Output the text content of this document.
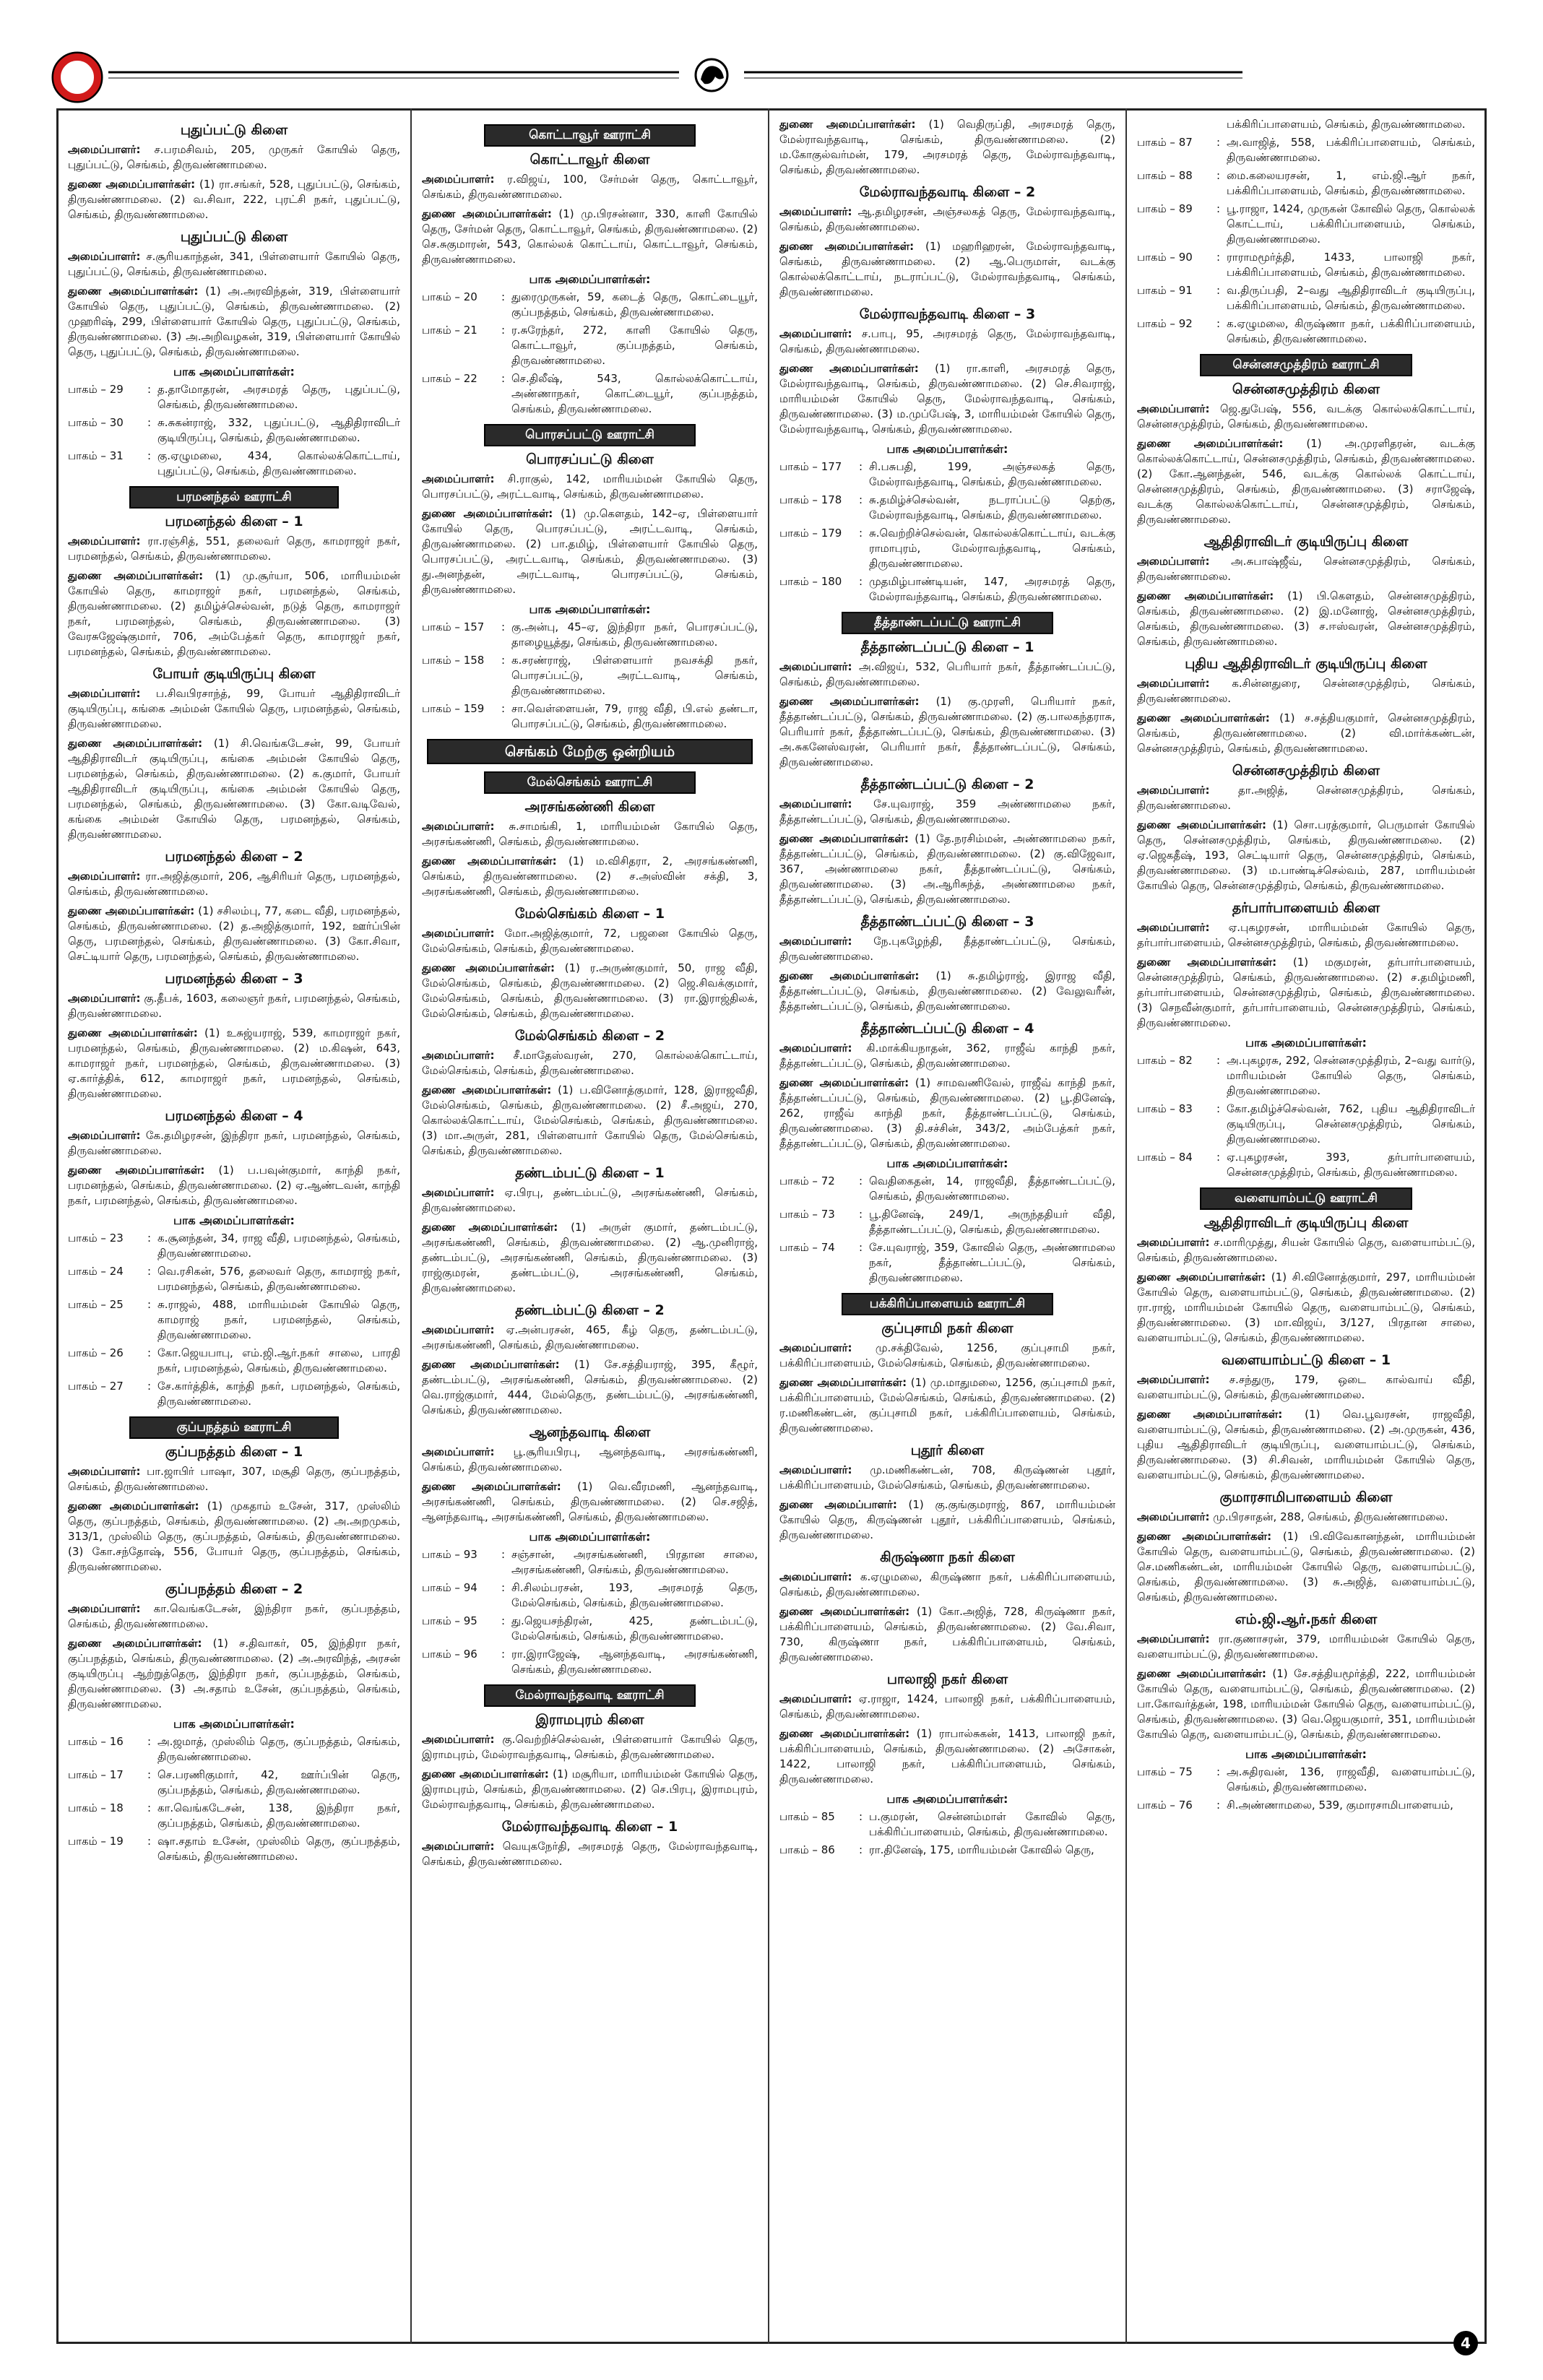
புதுப்பட்டு கிளை
அமைப்பாளர்: ச.பரமசிவம், 205, முருகர் கோயில் தெரு, புதுப்பட்டு, செங்கம், திருவண்ணாமலை.
துணை அமைப்பாளர்கள்: (1) ரா.சங்கர், 528, புதுப்பட்டு, செங்கம், திருவண்ணாமலை. (2) வ.சிவா, 222, புரட்சி நகர், புதுப்பட்டு, செங்கம், திருவண்ணாமலை.
புதுப்பட்டு கிளை
அமைப்பாளர்: ச.சூரியகாந்தன், 341, பிள்ளையார் கோயில் தெரு, புதுப்பட்டு, செங்கம், திருவண்ணாமலை.
துணை அமைப்பாளர்கள்: (1) அ.அரவிந்தன், 319, பிள்ளையார் கோயில் தெரு, புதுப்பட்டு, செங்கம், திருவண்ணாமலை. (2) முஹரிஷ், 299, பிள்ளையார் கோயில் தெரு, புதுப்பட்டு, செங்கம், திருவண்ணாமலை. (3) அ.அறிவழகன், 319, பிள்ளையார் கோயில் தெரு, புதுப்பட்டு, செங்கம், திருவண்ணாமலை.
பாக அமைப்பாளர்கள்:
பாகம் – 29	: த.தாமோதரன், அரசமரத் தெரு, புதுப்பட்டு, செங்கம், திருவண்ணாமலை.
பாகம் – 30	: சு.சுகன்ராஜ், 332, புதுப்பட்டு, ஆதிதிராவிடர் குடியிருப்பு, செங்கம், திருவண்ணாமலை.
பாகம் – 31	: கு.ஏழுமலை, 434, கொல்லக்கொட்டாய், புதுப்பட்டு, செங்கம், திருவண்ணாமலை.
பரமனந்தல் ஊராட்சி
பரமனந்தல் கிளை – 1
அமைப்பாளர்: ரா.ரஞ்சித், 551, தலைவர் தெரு, காமராஜர் நகர், பரமனந்தல், செங்கம், திருவண்ணாமலை.
துணை அமைப்பாளர்கள்: (1) மு.சூர்யா, 506, மாரியம்மன் கோயில் தெரு, காமராஜர் நகர், பரமனந்தல், செங்கம், திருவண்ணாமலை. (2) தமிழ்ச்செல்வன், நடுத் தெரு, காமராஜர் நகர், பரமனந்தல், செங்கம், திருவண்ணாமலை. (3) வேரசுஜேஷ்குமார், 706, அம்பேத்கர் தெரு, காமராஜர் நகர், பரமனந்தல், செங்கம், திருவண்ணாமலை.
போயர் குடியிருப்பு கிளை
அமைப்பாளர்: ப.சிவபிரசாந்த், 99, போயர் ஆதிதிராவிடர் குடியிருப்பு, கங்கை அம்மன் கோயில் தெரு, பரமனந்தல், செங்கம், திருவண்ணாமலை.
துணை அமைப்பாளர்கள்: (1) சி.வெங்கடேசன், 99, போயர் ஆதிதிராவிடர் குடியிருப்பு, கங்கை அம்மன் கோயில் தெரு, பரமனந்தல், செங்கம், திருவண்ணாமலை. (2) க.குமார், போயர் ஆதிதிராவிடர் குடியிருப்பு, கங்கை அம்மன் கோயில் தெரு, பரமனந்தல், செங்கம், திருவண்ணாமலை. (3) கோ.வடிவேல், கங்கை அம்மன் கோயில் தெரு, பரமனந்தல், செங்கம், திருவண்ணாமலை.
பரமனந்தல் கிளை – 2
அமைப்பாளர்: ரா.அஜித்குமார், 206, ஆசிரியர் தெரு, பரமனந்தல், செங்கம், திருவண்ணாமலை.
துணை அமைப்பாளர்கள்: (1) சசிலம்பு, 77, கடை வீதி, பரமனந்தல், செங்கம், திருவண்ணாமலை. (2) த.அஜித்குமார், 192, ஊர்ப்பின் தெரு, பரமனந்தல், செங்கம், திருவண்ணாமலை. (3) கோ.சிவா, செட்டியார் தெரு, பரமனந்தல், செங்கம், திருவண்ணாமலை.
பரமனந்தல் கிளை – 3
அமைப்பாளர்: கு.தீபக், 1603, கலைஞர் நகர், பரமனந்தல், செங்கம், திருவண்ணாமலை.
துணை அமைப்பாளர்கள்: (1) உசுஜ்யராஜ், 539, காமராஜர் நகர், பரமனந்தல், செங்கம், திருவண்ணாமலை. (2) ம.கிஷன், 643, காமராஜர் நகர், பரமனந்தல், செங்கம், திருவண்ணாமலை. (3) ஏ.கார்த்திக், 612, காமராஜர் நகர், பரமனந்தல், செங்கம், திருவண்ணாமலை.
பரமனந்தல் கிளை – 4
அமைப்பாளர்: கே.தமிழரசன், இந்திரா நகர், பரமனந்தல், செங்கம், திருவண்ணாமலை.
துணை அமைப்பாளர்கள்: (1) ப.பவுன்குமார், காந்தி நகர், பரமனந்தல், செங்கம், திருவண்ணாமலை. (2) ஏ.ஆண்டவன், காந்தி நகர், பரமனந்தல், செங்கம், திருவண்ணாமலை.
பாக அமைப்பாளர்கள்:
பாகம் – 23	: க.சூனந்தன், 34, ராஜ வீதி, பரமனந்தல், செங்கம், திருவண்ணாமலை.
பாகம் – 24	: வெ.ரசிகன், 576, தலைவர் தெரு, காமராஜ் நகர், பரமனந்தல், செங்கம், திருவண்ணாமலை.
பாகம் – 25	: சு.ராஜல், 488, மாரியம்மன் கோயில் தெரு, காமராஜ் நகர், பரமனந்தல், செங்கம், திருவண்ணாமலை.
பாகம் – 26	: கோ.ஜெயபாபு, எம்.ஜி.ஆர்.நகர் சாலை, பாரதி நகர், பரமனந்தல், செங்கம், திருவண்ணாமலை.
பாகம் – 27	: சே.கார்த்திக், காந்தி நகர், பரமனந்தல், செங்கம், திருவண்ணாமலை.
குப்பநத்தம் ஊராட்சி
குப்பநத்தம் கிளை – 1
அமைப்பாளர்: பா.ஜாபிர் பாஷா, 307, மசூதி தெரு, குப்பநத்தம், செங்கம், திருவண்ணாமலை.
துணை அமைப்பாளர்கள்: (1) முகதாம் உசேன், 317, முஸ்லிம் தெரு, குப்பநத்தம், செங்கம், திருவண்ணாமலை. (2) அ.அறமுகம், 313/1, முஸ்லிம் தெரு, குப்பநத்தம், செங்கம், திருவண்ணாமலை. (3) கோ.சந்தோஷ், 556, போயர் தெரு, குப்பநத்தம், செங்கம், திருவண்ணாமலை.
குப்பநத்தம் கிளை – 2
அமைப்பாளர்: கா.வெங்கடேசன், இந்திரா நகர், குப்பநத்தம், செங்கம், திருவண்ணாமலை.
துணை அமைப்பாளர்கள்: (1) ச.திவாகர், 05, இந்திரா நகர், குப்பநத்தம், செங்கம், திருவண்ணாமலை. (2) அ.அரவிந்த், அரசன் குடியிருப்பு ஆற்றுத்தெரு, இந்திரா நகர், குப்பநத்தம், செங்கம், திருவண்ணாமலை. (3) அ.சதாம் உசேன், குப்பநத்தம், செங்கம், திருவண்ணாமலை.
பாக அமைப்பாளர்கள்:
பாகம் – 16	: அ.ஜமாத், முஸ்லிம் தெரு, குப்பநத்தம், செங்கம், திருவண்ணாமலை.
பாகம் – 17	: செ.பரணிகுமார், 42, ஊர்ப்பின் தெரு, குப்பநத்தம், செங்கம், திருவண்ணாமலை.
பாகம் – 18	: கா.வெங்கடேசன், 138, இந்திரா நகர், குப்பநத்தம், செங்கம், திருவண்ணாமலை.
பாகம் – 19	: ஷா.சதாம் உசேன், முஸ்லிம் தெரு, குப்பநத்தம், செங்கம், திருவண்ணாமலை.
கொட்டாவூர் ஊராட்சி
கொட்டாவூர் கிளை
அமைப்பாளர்: ர.விஜய், 100, சேர்மன் தெரு, கொட்டாவூர், செங்கம், திருவண்ணாமலை.
துணை அமைப்பாளர்கள்: (1) மு.பிரசன்னா, 330, காளி கோயில் தெரு, சேர்மன் தெரு, கொட்டாவூர், செங்கம், திருவண்ணாமலை. (2) செ.சுகுமாரன், 543, கொல்லக் கொட்டாய், கொட்டாவூர், செங்கம், திருவண்ணாமலை.
பாக அமைப்பாளர்கள்:
பாகம் – 20	: துரைமுருகன், 59, கடைத் தெரு, கொட்டையூர், குப்பநத்தம், செங்கம், திருவண்ணாமலை.
பாகம் – 21	: ர.சுரேந்தர், 272, காளி கோயில் தெரு, கொட்டாவூர், குப்பநத்தம், செங்கம், திருவண்ணாமலை.
பாகம் – 22	: செ.திலீஷ், 543, கொல்லக்கொட்டாய், அண்ணாநகர், கொட்டையூர், குப்பநத்தம், செங்கம், திருவண்ணாமலை.
பொரசப்பட்டு ஊராட்சி
பொரசப்பட்டு கிளை
அமைப்பாளர்: சி.ராகுல், 142, மாரியம்மன் கோயில் தெரு, பொரசப்பட்டு, அரட்டவாடி, செங்கம், திருவண்ணாமலை.
துணை அமைப்பாளர்கள்: (1) மு.கௌதம், 142–ஏ, பிள்ளையார் கோயில் தெரு, பொரசப்பட்டு, அரட்டவாடி, செங்கம், திருவண்ணாமலை. (2) பா.தமிழ், பிள்ளையார் கோயில் தெரு, பொரசப்பட்டு, அரட்டவாடி, செங்கம், திருவண்ணாமலை. (3) து.அனந்தன், அரட்டவாடி, பொரசப்பட்டு, செங்கம், திருவண்ணாமலை.
பாக அமைப்பாளர்கள்:
பாகம் – 157	: கு.அன்பு, 45–ஏ, இந்திரா நகர், பொரசப்பட்டு, தாழையூத்து, செங்கம், திருவண்ணாமலை.
பாகம் – 158	: க.சரண்ராஜ், பிள்ளையார் நவசக்தி நகர், பொரசப்பட்டு, அரட்டவாடி, செங்கம், திருவண்ணாமலை.
பாகம் – 159	: சா.வெள்ளையன், 79, ராஜ வீதி, பி.எல் தண்டா, பொரசப்பட்டு, செங்கம், திருவண்ணாமலை.
செங்கம் மேற்கு ஒன்றியம்
மேல்செங்கம் ஊராட்சி
அரசங்கண்ணி கிளை
அமைப்பாளர்: சு.சாமங்கி, 1, மாரியம்மன் கோயில் தெரு, அரசங்கண்ணி, செங்கம், திருவண்ணாமலை.
துணை அமைப்பாளர்கள்: (1) ம.விசிதரா, 2, அரசங்கண்ணி, செங்கம், திருவண்ணாமலை. (2) ச.அஸ்வின் சக்தி, 3, அரசங்கண்ணி, செங்கம், திருவண்ணாமலை.
மேல்செங்கம் கிளை – 1
அமைப்பாளர்: மோ.அஜித்குமார், 72, பஜனை கோயில் தெரு, மேல்செங்கம், செங்கம், திருவண்ணாமலை.
துணை அமைப்பாளர்கள்: (1) ர.அருண்குமார், 50, ராஜ வீதி, மேல்செங்கம், செங்கம், திருவண்ணாமலை. (2) ஜெ.சிவக்குமார், மேல்செங்கம், செங்கம், திருவண்ணாமலை. (3) ரா.இராஜ்திலக், மேல்செங்கம், செங்கம், திருவண்ணாமலை.
மேல்செங்கம் கிளை – 2
அமைப்பாளர்: சீ.மாதேஸ்வரன், 270, கொல்லக்கொட்டாய், மேல்செங்கம், செங்கம், திருவண்ணாமலை.
துணை அமைப்பாளர்கள்: (1) ப.வினோத்குமார், 128, இராஜவீதி, மேல்செங்கம், செங்கம், திருவண்ணாமலை. (2) சீ.அஜய், 270, கொல்லக்கொட்டாய், மேல்செங்கம், செங்கம், திருவண்ணாமலை. (3) மா.அருள், 281, பிள்ளையார் கோயில் தெரு, மேல்செங்கம், செங்கம், திருவண்ணாமலை.
தண்டம்பட்டு கிளை – 1
அமைப்பாளர்: ஏ.பிரபு, தண்டம்பட்டு, அரசங்கண்ணி, செங்கம், திருவண்ணாமலை.
துணை அமைப்பாளர்கள்: (1) அருள் குமார், தண்டம்பட்டு, அரசங்கண்ணி, செங்கம், திருவண்ணாமலை. (2) ஆ.முனிராஜ், தண்டம்பட்டு, அரசங்கண்ணி, செங்கம், திருவண்ணாமலை. (3) ராஜ்குமரன், தண்டம்பட்டு, அரசங்கண்ணி, செங்கம், திருவண்ணாமலை.
தண்டம்பட்டு கிளை – 2
அமைப்பாளர்: ஏ.அன்பரசன், 465, கீழ் தெரு, தண்டம்பட்டு, அரசங்கண்ணி, செங்கம், திருவண்ணாமலை.
துணை அமைப்பாளர்கள்: (1) சே.சத்தியராஜ், 395, கீழூர், தண்டம்பட்டு, அரசங்கண்ணி, செங்கம், திருவண்ணாமலை. (2) வெ.ராஜ்குமார், 444, மேல்தெரு, தண்டம்பட்டு, அரசங்கண்ணி, செங்கம், திருவண்ணாமலை.
ஆனந்தவாடி கிளை
அமைப்பாளர்: பூ.சூரியபிரபு, ஆனந்தவாடி, அரசங்கண்ணி, செங்கம், திருவண்ணாமலை.
துணை அமைப்பாளர்கள்: (1) வெ.வீரமணி, ஆனந்தவாடி, அரசங்கண்ணி, செங்கம், திருவண்ணாமலை. (2) செ.சஜித், ஆனந்தவாடி, அரசங்கண்ணி, செங்கம், திருவண்ணாமலை.
பாக அமைப்பாளர்கள்:
பாகம் – 93	: சஞ்சான், அரசங்கண்ணி, பிரதான சாலை, அரசங்கண்ணி, செங்கம், திருவண்ணாமலை.
பாகம் – 94	: சி.சிலம்பரசன், 193, அரசமரத் தெரு, மேல்செங்கம், செங்கம், திருவண்ணாமலை.
பாகம் – 95	: து.ஜெயசந்திரன், 425, தண்டம்பட்டு, மேல்செங்கம், செங்கம், திருவண்ணாமலை.
பாகம் – 96	: ரா.இராஜேஷ், ஆனந்தவாடி, அரசங்கண்ணி, செங்கம், திருவண்ணாமலை.
மேல்ராவந்தவாடி ஊராட்சி
இராமபுரம் கிளை
அமைப்பாளர்: கு.வெற்றிச்செல்வன், பிள்ளையார் கோயில் தெரு, இராமபுரம், மேல்ராவந்தவாடி, செங்கம், திருவண்ணாமலை.
துணை அமைப்பாளர்கள்: (1) மசூரியா, மாரியம்மன் கோயில் தெரு, இராமபுரம், செங்கம், திருவண்ணாமலை. (2) செ.பிரபு, இராமபுரம், மேல்ராவந்தவாடி, செங்கம், திருவண்ணாமலை.
மேல்ராவந்தவாடி கிளை – 1
அமைப்பாளர்: வெயுகநேர்தி, அரசமரத் தெரு, மேல்ராவந்தவாடி, செங்கம், திருவண்ணாமலை.
துணை அமைப்பாளர்கள்: (1) வெதிருப்தி, அரசமரத் தெரு, மேல்ராவந்தவாடி, செங்கம், திருவண்ணாமலை. (2) ம.கோகுல்வர்மன், 179, அரசமரத் தெரு, மேல்ராவந்தவாடி, செங்கம், திருவண்ணாமலை.
மேல்ராவந்தவாடி கிளை – 2
அமைப்பாளர்: ஆ.தமிழரசன், அஞ்சலகத் தெரு, மேல்ராவந்தவாடி, செங்கம், திருவண்ணாமலை.
துணை அமைப்பாளர்கள்: (1) மஹரிஹரன், மேல்ராவந்தவாடி, செங்கம், திருவண்ணாமலை. (2) ஆ.பெருமாள், வடக்கு கொல்லக்கொட்டாய், நடராப்பட்டு, மேல்ராவந்தவாடி, செங்கம், திருவண்ணாமலை.
மேல்ராவந்தவாடி கிளை – 3
அமைப்பாளர்: ச.பாபு, 95, அரசமரத் தெரு, மேல்ராவந்தவாடி, செங்கம், திருவண்ணாமலை.
துணை அமைப்பாளர்கள்: (1) ரா.காளி, அரசமரத் தெரு, மேல்ராவந்தவாடி, செங்கம், திருவண்ணாமலை. (2) செ.சிவராஜ், மாரியம்மன் கோயில் தெரு, மேல்ராவந்தவாடி, செங்கம், திருவண்ணாமலை. (3) ம.முப்பேஷ், 3, மாரியம்மன் கோயில் தெரு, மேல்ராவந்தவாடி, செங்கம், திருவண்ணாமலை.
பாக அமைப்பாளர்கள்:
பாகம் – 177	: சி.பசுபதி, 199, அஞ்சலகத் தெரு, மேல்ராவந்தவாடி, செங்கம், திருவண்ணாமலை.
பாகம் – 178	: சு.தமிழ்ச்செல்வன், நடராப்பட்டு தெற்கு, மேல்ராவந்தவாடி, செங்கம், திருவண்ணாமலை.
பாகம் – 179	: சு.வெற்றிச்செல்வன், கொல்லக்கொட்டாய், வடக்கு ராமாபுரம், மேல்ராவந்தவாடி, செங்கம், திருவண்ணாமலை.
பாகம் – 180	: முதமிழ்பாண்டியன், 147, அரசமரத் தெரு, மேல்ராவந்தவாடி, செங்கம், திருவண்ணாமலை.
தீத்தாண்டப்பட்டு ஊராட்சி
தீத்தாண்டப்பட்டு கிளை – 1
அமைப்பாளர்: அ.விஜய், 532, பெரியார் நகர், தீத்தாண்டப்பட்டு, செங்கம், திருவண்ணாமலை.
துணை அமைப்பாளர்கள்: (1) கு.முரளி, பெரியார் நகர், தீத்தாண்டப்பட்டு, செங்கம், திருவண்ணாமலை. (2) கு.பாலகந்தராசு, பெரியார் நகர், தீத்தாண்டப்பட்டு, செங்கம், திருவண்ணாமலை. (3) அ.சுகனேஸ்வரன், பெரியார் நகர், தீத்தாண்டப்பட்டு, செங்கம், திருவண்ணாமலை.
தீத்தாண்டப்பட்டு கிளை – 2
அமைப்பாளர்: சே.யுவராஜ், 359 அண்ணாமலை நகர், தீத்தாண்டப்பட்டு, செங்கம், திருவண்ணாமலை.
துணை அமைப்பாளர்கள்: (1) தே.நரசிம்மன், அண்ணாமலை நகர், தீத்தாண்டப்பட்டு, செங்கம், திருவண்ணாமலை. (2) கு.விஜேவா, 367, அண்ணாமலை நகர், தீத்தாண்டப்பட்டு, செங்கம், திருவண்ணாமலை. (3) அ.ஆரிசுந்த், அண்ணாமலை நகர், தீத்தாண்டப்பட்டு, செங்கம், திருவண்ணாமலை.
தீத்தாண்டப்பட்டு கிளை – 3
அமைப்பாளர்: நே.புகழேந்தி, தீத்தாண்டப்பட்டு, செங்கம், திருவண்ணாமலை.
துணை அமைப்பாளர்கள்: (1) சு.தமிழ்ராஜ், இராஜ வீதி, தீத்தாண்டப்பட்டு, செங்கம், திருவண்ணாமலை. (2) வேலுவரீன், தீத்தாண்டப்பட்டு, செங்கம், திருவண்ணாமலை.
தீத்தாண்டப்பட்டு கிளை – 4
அமைப்பாளர்: கி.மாக்கியநாதன், 362, ராஜீவ் காந்தி நகர், தீத்தாண்டப்பட்டு, செங்கம், திருவண்ணாமலை.
துணை அமைப்பாளர்கள்: (1) சாமவணிவேல், ராஜீவ் காந்தி நகர், தீத்தாண்டப்பட்டு, செங்கம், திருவண்ணாமலை. (2) பூ.தினேஷ், 262, ராஜீவ் காந்தி நகர், தீத்தாண்டப்பட்டு, செங்கம், திருவண்ணாமலை. (3) தி.சச்சின், 343/2, அம்பேத்கர் நகர், தீத்தாண்டப்பட்டு, செங்கம், திருவண்ணாமலை.
பாக அமைப்பாளர்கள்:
பாகம் – 72	: வெதிகைதன், 14, ராஜவீதி, தீத்தாண்டப்பட்டு, செங்கம், திருவண்ணாமலை.
பாகம் – 73	: பூ.தினேஷ், 249/1, அருந்ததியர் வீதி, தீத்தாண்டப்பட்டு, செங்கம், திருவண்ணாமலை.
பாகம் – 74	: சே.யுவராஜ், 359, கோவில் தெரு, அண்ணாமலை நகர், தீத்தாண்டப்பட்டு, செங்கம், திருவண்ணாமலை.
பக்கிரிப்பாளையம் ஊராட்சி
குப்புசாமி நகர் கிளை
அமைப்பாளர்: மு.சக்திவேல், 1256, குப்புசாமி நகர், பக்கிரிப்பாளையம், மேல்செங்கம், செங்கம், திருவண்ணாமலை.
துணை அமைப்பாளர்கள்: (1) மு.மாதுமலை, 1256, குப்புசாமி நகர், பக்கிரிப்பாளையம், மேல்செங்கம், செங்கம், திருவண்ணாமலை. (2) ர.மணிகண்டன், குப்புசாமி நகர், பக்கிரிப்பாளையம், செங்கம், திருவண்ணாமலை.
புதூர் கிளை
அமைப்பாளர்: மு.மணிகண்டன், 708, கிருஷ்ணன் புதூர், பக்கிரிப்பாளையம், மேல்செங்கம், செங்கம், திருவண்ணாமலை.
துணை அமைப்பாளர்: (1) கு.குங்குமராஜ், 867, மாரியம்மன் கோயில் தெரு, கிருஷ்ணன் புதூர், பக்கிரிப்பாளையம், செங்கம், திருவண்ணாமலை.
கிருஷ்ணா நகர் கிளை
அமைப்பாளர்: க.ஏழுமலை, கிருஷ்ணா நகர், பக்கிரிப்பாளையம், செங்கம், திருவண்ணாமலை.
துணை அமைப்பாளர்கள்: (1) கோ.அஜித், 728, கிருஷ்ணா நகர், பக்கிரிப்பாளையம், செங்கம், திருவண்ணாமலை. (2) வே.சிவா, 730, கிருஷ்ணா நகர், பக்கிரிப்பாளையம், செங்கம், திருவண்ணாமலை.
பாலாஜி நகர் கிளை
அமைப்பாளர்: ஏ.ராஜா, 1424, பாலாஜி நகர், பக்கிரிப்பாளையம், செங்கம், திருவண்ணாமலை.
துணை அமைப்பாளர்கள்: (1) ராபால்சுகன், 1413, பாலாஜி நகர், பக்கிரிப்பாளையம், செங்கம், திருவண்ணாமலை. (2) அசோகன், 1422, பாலாஜி நகர், பக்கிரிப்பாளையம், செங்கம், திருவண்ணாமலை.
பாக அமைப்பாளர்கள்:
பாகம் – 85	: ப.குமரன், சென்னம்மாள் கோவில் தெரு, பக்கிரிப்பாளையம், செங்கம், திருவண்ணாமலை.
பாகம் – 86	: ரா.தினேஷ், 175, மாரியம்மன் கோவில் தெரு,
பக்கிரிப்பாளையம், செங்கம், திருவண்ணாமலை.
பாகம் – 87	: அ.வாஜித், 558, பக்கிரிப்பாளையம், செங்கம், திருவண்ணாமலை.
பாகம் – 88	: மை.கலையரசன், 1, எம்.ஜி.ஆர் நகர், பக்கிரிப்பாளையம், செங்கம், திருவண்ணாமலை.
பாகம் – 89	: பூ.ராஜா, 1424, முருகன் கோவில் தெரு, கொல்லக் கொட்டாய், பக்கிரிப்பாளையம், செங்கம், திருவண்ணாமலை.
பாகம் – 90	: ராராமமூர்த்தி, 1433, பாலாஜி நகர், பக்கிரிப்பாளையம், செங்கம், திருவண்ணாமலை.
பாகம் – 91	: வ.திருப்பதி, 2–வது ஆதிதிராவிடர் குடியிருப்பு, பக்கிரிப்பாளையம், செங்கம், திருவண்ணாமலை.
பாகம் – 92	: க.ஏழுமலை, கிருஷ்ணா நகர், பக்கிரிப்பாளையம், செங்கம், திருவண்ணாமலை.
சென்னசமுத்திரம் ஊராட்சி
சென்னசமுத்திரம் கிளை
அமைப்பாளர்: ஜெ.துபேஷ், 556, வடக்கு கொல்லக்கொட்டாய், சென்னசமுத்திரம், செங்கம், திருவண்ணாமலை.
துணை அமைப்பாளர்கள்: (1) அ.முரளிதரன், வடக்கு கொல்லக்கொட்டாய், சென்னசமுத்திரம், செங்கம், திருவண்ணாமலை. (2) கோ.ஆனந்தன், 546, வடக்கு கொல்லக் கொட்டாய், சென்னசமுத்திரம், செங்கம், திருவண்ணாமலை. (3) சராஜேஷ், வடக்கு கொல்லக்கொட்டாய், சென்னசமுத்திரம், செங்கம், திருவண்ணாமலை.
ஆதிதிராவிடர் குடியிருப்பு கிளை
அமைப்பாளர்: அ.சுபாஷ்ஜீவ், சென்னசமுத்திரம், செங்கம், திருவண்ணாமலை.
துணை அமைப்பாளர்கள்: (1) பி.கௌதம், சென்னசமுத்திரம், செங்கம், திருவண்ணாமலை. (2) இ.மனோஜ், சென்னசமுத்திரம், செங்கம், திருவண்ணாமலை. (3) ச.ஈஸ்வரன், சென்னசமுத்திரம், செங்கம், திருவண்ணாமலை.
புதிய ஆதிதிராவிடர் குடியிருப்பு கிளை
அமைப்பாளர்: க.சின்னதுரை, சென்னசமுத்திரம், செங்கம், திருவண்ணாமலை.
துணை அமைப்பாளர்கள்: (1) ச.சத்தியகுமார், சென்னசமுத்திரம், செங்கம், திருவண்ணாமலை. (2) வி.மார்க்கண்டன், சென்னசமுத்திரம், செங்கம், திருவண்ணாமலை.
சென்னசமுத்திரம் கிளை
அமைப்பாளர்: தா.அஜித், சென்னசமுத்திரம், செங்கம், திருவண்ணாமலை.
துணை அமைப்பாளர்கள்: (1) சொ.பரத்குமார், பெருமாள் கோயில் தெரு, சென்னசமுத்திரம், செங்கம், திருவண்ணாமலை. (2) ஏ.ஜெகதீஷ், 193, செட்டியார் தெரு, சென்னசமுத்திரம், செங்கம், திருவண்ணாமலை. (3) ம.பாண்டிச்செல்வம், 287, மாரியம்மன் கோயில் தெரு, சென்னசமுத்திரம், செங்கம், திருவண்ணாமலை.
தர்பார்பாளையம் கிளை
அமைப்பாளர்: ஏ.புகழரசன், மாரியம்மன் கோயில் தெரு, தர்பார்பாளையம், சென்னசமுத்திரம், செங்கம், திருவண்ணாமலை.
துணை அமைப்பாளர்கள்: (1) மகுமரன், தர்பார்பாளையம், சென்னசமுத்திரம், செங்கம், திருவண்ணாமலை. (2) ச.தமிழ்மணி, தர்பார்பாளையம், சென்னசமுத்திரம், செங்கம், திருவண்ணாமலை. (3) செநவீன்குமார், தர்பார்பாளையம், சென்னசமுத்திரம், செங்கம், திருவண்ணாமலை.
பாக அமைப்பாளர்கள்:
பாகம் – 82	: அ.புகழரசு, 292, சென்னசமுத்திரம், 2–வது வார்டு, மாரியம்மன் கோயில் தெரு, செங்கம், திருவண்ணாமலை.
பாகம் – 83	: கோ.தமிழ்ச்செல்வன், 762, புதிய ஆதிதிராவிடர் குடியிருப்பு, சென்னசமுத்திரம், செங்கம், திருவண்ணாமலை.
பாகம் – 84	: ஏ.புகழரசன், 393, தர்பார்பாளையம், சென்னசமுத்திரம், செங்கம், திருவண்ணாமலை.
வளையாம்பட்டு ஊராட்சி
ஆதிதிராவிடர் குடியிருப்பு கிளை
அமைப்பாளர்: ச.மாரிமுத்து, சியன் கோயில் தெரு, வளையாம்பட்டு, செங்கம், திருவண்ணாமலை.
துணை அமைப்பாளர்கள்: (1) சி.வினோத்குமார், 297, மாரியம்மன் கோயில் தெரு, வளையாம்பட்டு, செங்கம், திருவண்ணாமலை. (2) ரா.ராஜ், மாரியம்மன் கோயில் தெரு, வளையாம்பட்டு, செங்கம், திருவண்ணாமலை. (3) மா.விஜய், 3/127, பிரதான சாலை, வளையாம்பட்டு, செங்கம், திருவண்ணாமலை.
வளையாம்பட்டு கிளை – 1
அமைப்பாளர்: ச.சந்துரு, 179, ஒடை கால்வாய் வீதி, வளையாம்பட்டு, செங்கம், திருவண்ணாமலை.
துணை அமைப்பாளர்கள்: (1) வெ.பூவரசன், ராஜவீதி, வளையாம்பட்டு, செங்கம், திருவண்ணாமலை. (2) அ.முருகன், 436, புதிய ஆதிதிராவிடர் குடியிருப்பு, வளையாம்பட்டு, செங்கம், திருவண்ணாமலை. (3) சி.சிவன், மாரியம்மன் கோயில் தெரு, வளையாம்பட்டு, செங்கம், திருவண்ணாமலை.
குமாரசாமிபாளையம் கிளை
அமைப்பாளர்: மு.பிரசாதன், 288, செங்கம், திருவண்ணாமலை.
துணை அமைப்பாளர்கள்: (1) பி.விவேகானந்தன், மாரியம்மன் கோயில் தெரு, வளையாம்பட்டு, செங்கம், திருவண்ணாமலை. (2) செ.மணிகண்டன், மாரியம்மன் கோயில் தெரு, வளையாம்பட்டு, செங்கம், திருவண்ணாமலை. (3) சு.அஜித், வளையாம்பட்டு, செங்கம், திருவண்ணாமலை.
எம்.ஜி.ஆர்.நகர் கிளை
அமைப்பாளர்: ரா.குணாசரன், 379, மாரியம்மன் கோயில் தெரு, வளையாம்பட்டு, திருவண்ணாமலை.
துணை அமைப்பாளர்கள்: (1) சே.சத்தியமூர்த்தி, 222, மாரியம்மன் கோயில் தெரு, வளையாம்பட்டு, செங்கம், திருவண்ணாமலை. (2) பா.கோவர்த்தன், 198, மாரியம்மன் கோயில் தெரு, வளையாம்பட்டு, செங்கம், திருவண்ணாமலை. (3) வெ.ஜெயகுமார், 351, மாரியம்மன் கோயில் தெரு, வளையாம்பட்டு, செங்கம், திருவண்ணாமலை.
பாக அமைப்பாளர்கள்:
பாகம் – 75	: அ.சுதிரவன், 136, ராஜவீதி, வளையாம்பட்டு, செங்கம், திருவண்ணாமலை.
பாகம் – 76	: சி.அண்ணாமலை, 539, குமாரசாமிபாளையம்,
4
